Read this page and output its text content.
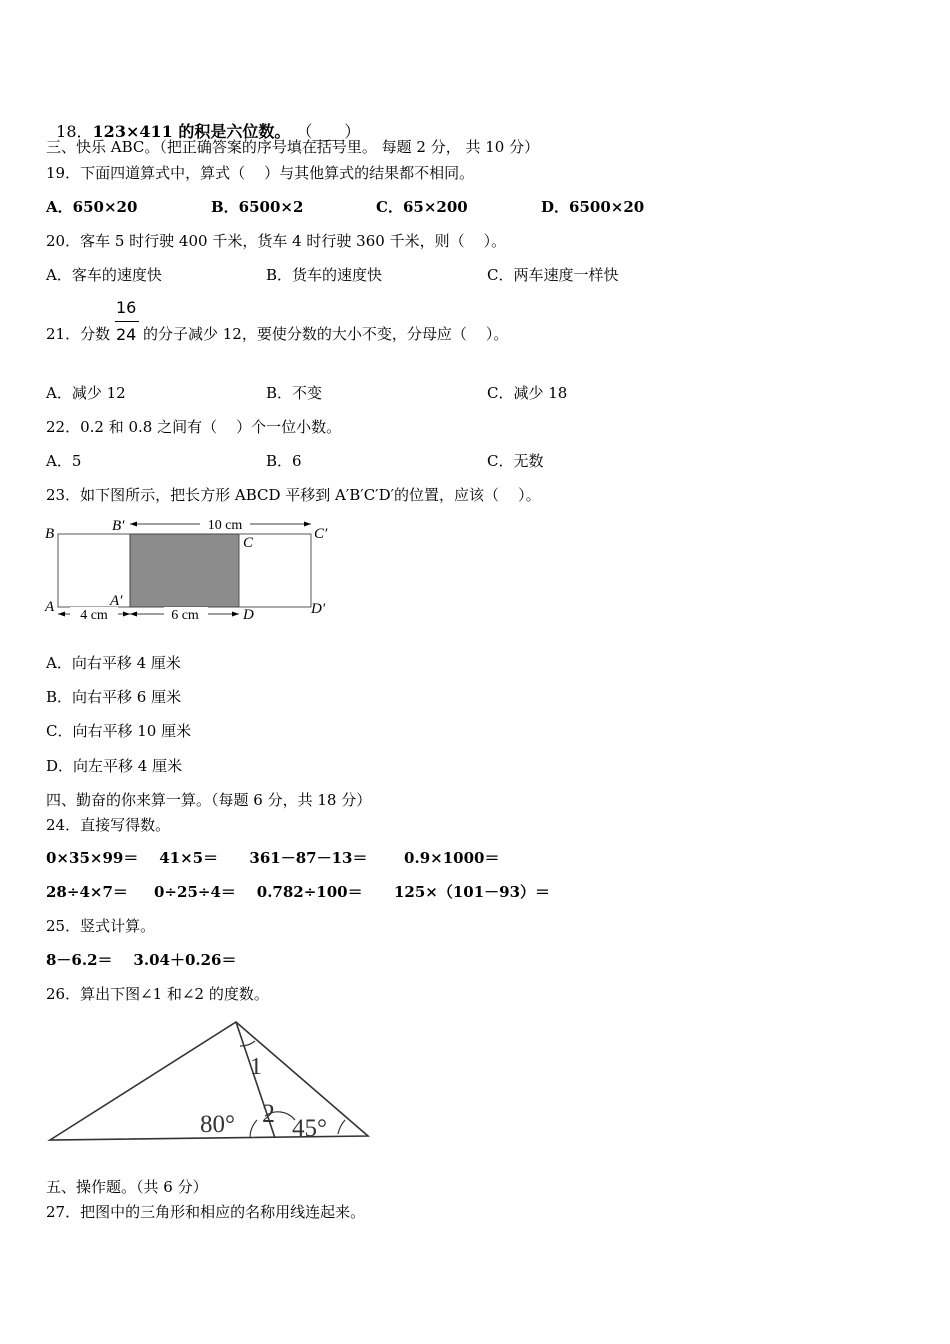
18．123×411 的积是六位数。 （____）

三、快乐 ABC。（把正确答案的序号填在括号里。 每题 2 分， 共 10 分）
19．下面四道算式中，算式（    ）与其他算式的结果都不相同。
A．650×20	B．6500×2	C．65×200	D．6500×20
20．客车 5 时行驶 400 千米，货车 4 时行驶 360 千米，则（    ）。
A．客车的速度快	B．货车的速度快	C．两车速度一样快
21．分数
16
24 的分子减少 12，要使分数的大小不变，分母应（    ）。
A．减少 12	B．不变	C．减少 18
22．0.2 和 0.8 之间有（    ）个一位小数。
A．5	B．6	C．无数
23．如下图所示，把长方形 ABCD 平移到 A′B′C′D′的位置，应该（    ）。
10 cm
4 cm	6 cm
B	B′
C
C′
A	A′
D	D′
A．向右平移 4 厘米
B．向右平移 6 厘米
C．向右平移 10 厘米
D．向左平移 4 厘米
四、勤奋的你来算一算。（每题 6 分，共 18 分）
24．直接写得数。
0×35×99＝    41×5＝      361－87－13＝       0.9×1000＝
28÷4×7＝     0÷25÷4＝    0.782÷100＝      125×（101－93）＝
25．竖式计算。
8－6.2＝    3.04＋0.26＝
26．算出下图∠1 和∠2 的度数。
1
2
80° 45°
五、操作题。（共 6 分）
27．把图中的三角形和相应的名称用线连起来。
